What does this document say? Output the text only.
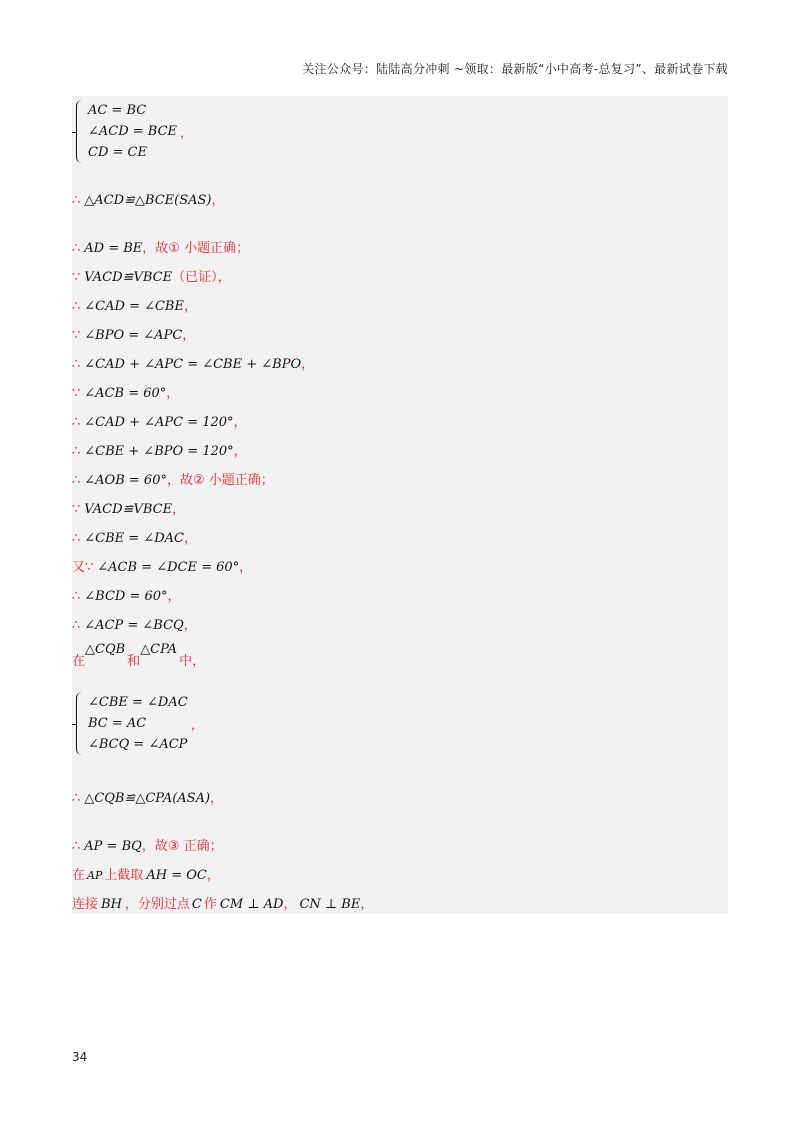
关注公众号：陆陆高分冲刺 ~领取：最新版“小中高考-总复习”、最新试卷下载
AC = BC
∠ACD = BCE
CD = CE
，
∴ △ACD≌△BCE(SAS)，
∴ AD = BE，故① 小题正确；
∵ VACD≌VBCE（已证），
∴ ∠CAD = ∠CBE，
∵ ∠BPO = ∠APC，
∴ ∠CAD + ∠APC = ∠CBE + ∠BPO，
∵ ∠ACB = 60°，
∴ ∠CAD + ∠APC = 120°，
∴ ∠CBE + ∠BPO = 120°，
∴ ∠AOB = 60°，故② 小题正确；
∵ VACD≌VBCE，
∴ ∠CBE = ∠DAC，
又∵ ∠ACB = ∠DCE = 60°，
∴ ∠BCD = 60°，
∴ ∠ACP = ∠BCQ，
在△CQB和△CPA中，
∠CBE = ∠DAC
BC = AC
∠BCQ = ∠ACP
，
∴ △CQB≌△CPA(ASA)，
∴ AP = BQ，故③ 正确；
在 AP 上截取 AH = OC，
连接 BH ，分别过点 C 作 CM ⊥ AD， CN ⊥ BE，
34
